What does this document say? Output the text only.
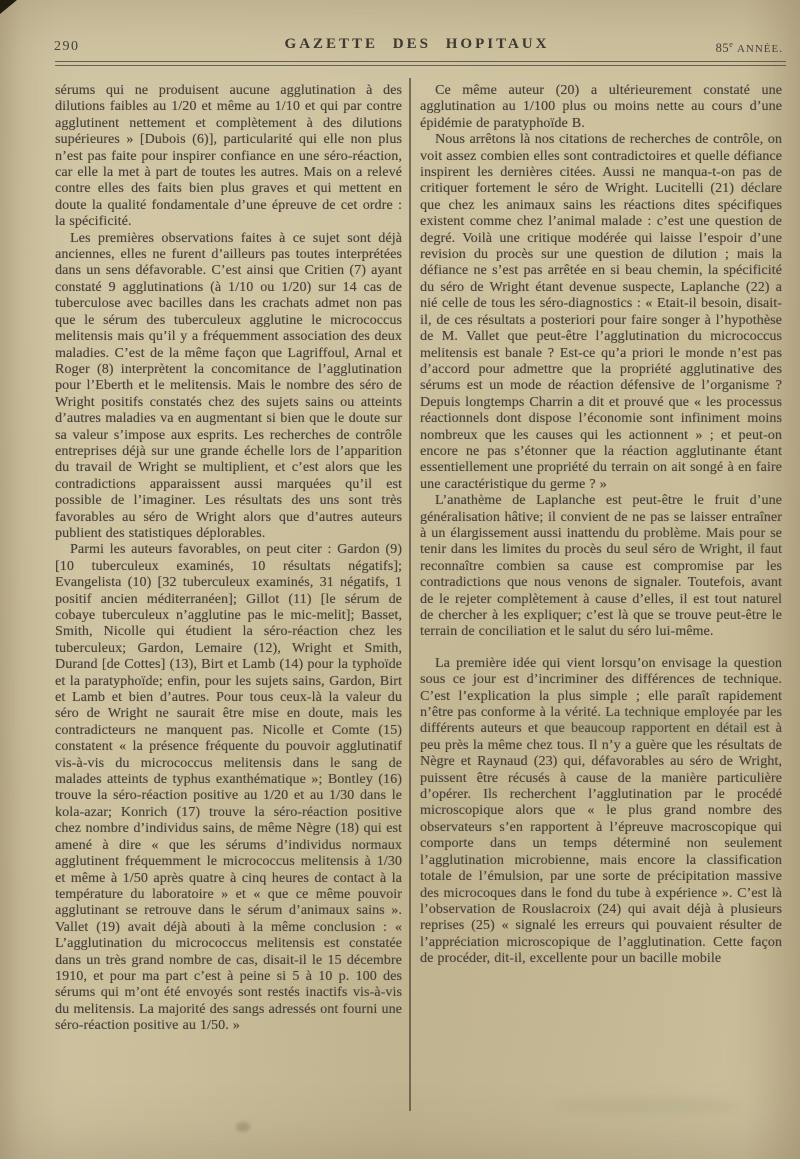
290	GAZETTE DES HOPITAUX	85e ANNÉE.

sérums qui ne produisent aucune agglutination à des dilutions faibles au 1/20 et même au 1/10 et qui par contre agglutinent nettement et complètement à des dilutions supérieures » [Dubois (6)], particularité qui elle non plus n’est pas faite pour inspirer confiance en une séro-réaction, car elle la met à part de toutes les autres. Mais on a relevé contre elles des faits bien plus graves et qui mettent en doute la qualité fondamentale d’une épreuve de cet ordre : la spécificité.

Les premières observations faites à ce sujet sont déjà anciennes, elles ne furent d’ailleurs pas toutes interprétées dans un sens défavorable. C’est ainsi que Critien (7) ayant constaté 9 agglutinations (à 1/10 ou 1/20) sur 14 cas de tuberculose avec bacilles dans les crachats admet non pas que le sérum des tuberculeux agglutine le micrococcus melitensis mais qu’il y a fréquemment association des deux maladies. C’est de la même façon que Lagriffoul, Arnal et Roger (8) interprètent la concomitance de l’agglutination pour l’Eberth et le melitensis. Mais le nombre des séro de Wright positifs constatés chez des sujets sains ou atteints d’autres maladies va en augmentant si bien que le doute sur sa valeur s’impose aux esprits. Les recherches de contrôle entreprises déjà sur une grande échelle lors de l’apparition du travail de Wright se multiplient, et c’est alors que les contradictions apparaissent aussi marquées qu’il est possible de l’imaginer. Les résultats des uns sont très favorables au séro de Wright alors que d’autres auteurs publient des statistiques déplorables.

Parmi les auteurs favorables, on peut citer : Gardon (9) [10 tuberculeux examinés, 10 résultats négatifs]; Evangelista (10) [32 tuberculeux examinés, 31 négatifs, 1 positif ancien méditerranéen]; Gillot (11) [le sérum de cobaye tuberculeux n’agglutine pas le mic-melit]; Basset, Smith, Nicolle qui étudient la séro-réaction chez les tuberculeux; Gardon, Lemaire (12), Wright et Smith, Durand [de Cottes] (13), Birt et Lamb (14) pour la typhoïde et la paratyphoïde; enfin, pour les sujets sains, Gardon, Birt et Lamb et bien d’autres. Pour tous ceux-là la valeur du séro de Wright ne saurait être mise en doute, mais les contradicteurs ne manquent pas. Nicolle et Comte (15) constatent « la présence fréquente du pouvoir agglutinatif vis-à-vis du micrococcus melitensis dans le sang de malades atteints de typhus exanthématique »; Bontley (16) trouve la séro-réaction positive au 1/20 et au 1/30 dans le kola-azar; Konrich (17) trouve la séro-réaction positive chez nombre d’individus sains, de même Nègre (18) qui est amené à dire « que les sérums d’individus normaux agglutinent fréquemment le micrococcus melitensis à 1/30 et même à 1/50 après quatre à cinq heures de contact à la température du laboratoire » et « que ce même pouvoir agglutinant se retrouve dans le sérum d’animaux sains ». Vallet (19) avait déjà abouti à la même conclusion : « L’agglutination du micrococcus melitensis est constatée dans un très grand nombre de cas, disait-il le 15 décembre 1910, et pour ma part c’est à peine si 5 à 10 p. 100 des sérums qui m’ont été envoyés sont restés inactifs vis-à-vis du melitensis. La majorité des sangs adressés ont fourni une séro-réaction positive au 1/50. »

Ce même auteur (20) a ultérieurement constaté une agglutination au 1/100 plus ou moins nette au cours d’une épidémie de paratyphoïde B.

Nous arrêtons là nos citations de recherches de contrôle, on voit assez combien elles sont contradictoires et quelle défiance inspirent les dernières citées. Aussi ne manqua-t-on pas de critiquer fortement le séro de Wright. Lucitelli (21) déclare que chez les animaux sains les réactions dites spécifiques existent comme chez l’animal malade : c’est une question de degré. Voilà une critique modérée qui laisse l’espoir d’une revision du procès sur une question de dilution ; mais la défiance ne s’est pas arrêtée en si beau chemin, la spécificité du séro de Wright étant devenue suspecte, Laplanche (22) a nié celle de tous les séro-diagnostics : « Etait-il besoin, disait-il, de ces résultats a posteriori pour faire songer à l’hypothèse de M. Vallet que peut-être l’agglutination du micrococcus melitensis est banale ? Est-ce qu’a priori le monde n’est pas d’accord pour admettre que la propriété agglutinative des sérums est un mode de réaction défensive de l’organisme ? Depuis longtemps Charrin a dit et prouvé que « les processus réactionnels dont dispose l’économie sont infiniment moins nombreux que les causes qui les actionnent » ; et peut-on encore ne pas s’étonner que la réaction agglutinante étant essentiellement une propriété du terrain on ait songé à en faire une caractéristique du germe ? »

L’anathème de Laplanche est peut-être le fruit d’une généralisation hâtive; il convient de ne pas se laisser entraîner à un élargissement aussi inattendu du problème. Mais pour se tenir dans les limites du procès du seul séro de Wright, il faut reconnaître combien sa cause est compromise par les contradictions que nous venons de signaler. Toutefois, avant de le rejeter complètement à cause d’elles, il est tout naturel de chercher à les expliquer; c’est là que se trouve peut-être le terrain de conciliation et le salut du séro lui-même.

La première idée qui vient lorsqu’on envisage la question sous ce jour est d’incriminer des différences de technique. C’est l’explication la plus simple ; elle paraît rapidement n’être pas conforme à la vérité. La technique employée par les différents auteurs et que beaucoup rapportent en détail est à peu près la même chez tous. Il n’y a guère que les résultats de Nègre et Raynaud (23) qui, défavorables au séro de Wright, puissent être récusés à cause de la manière particulière d’opérer. Ils recherchent l’agglutination par le procédé microscopique alors que « le plus grand nombre des observateurs s’en rapportent à l’épreuve macroscopique qui comporte dans un temps déterminé non seulement l’agglutination microbienne, mais encore la classification totale de l’émulsion, par une sorte de précipitation massive des microcoques dans le fond du tube à expérience ». C’est là l’observation de Rouslacroix (24) qui avait déjà à plusieurs reprises (25) « signalé les erreurs qui pouvaient résulter de l’appréciation microscopique de l’agglutination. Cette façon de procéder, dit-il, excellente pour un bacille mobile
